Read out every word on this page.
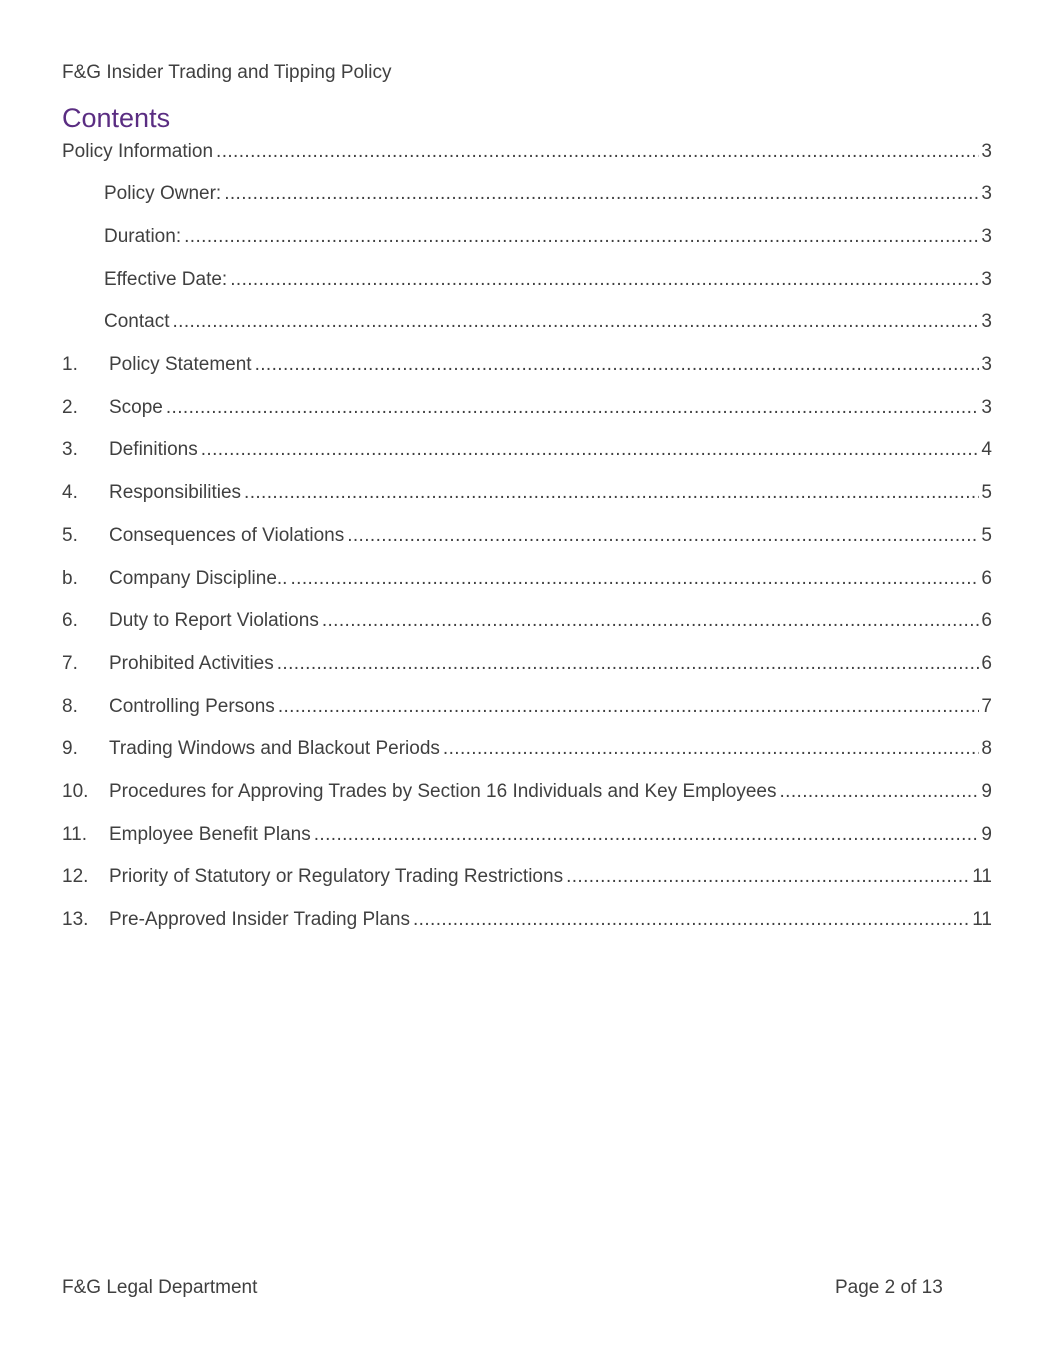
F&G Insider Trading and Tipping Policy
Contents
Policy Information .....	3
Policy Owner: .....	3
Duration: .....	3
Effective Date: .....	3
Contact .....	3
1.	Policy Statement .....	3
2.	Scope .....	3
3.	Definitions .....	4
4.	Responsibilities .....	5
5.	Consequences of Violations .....	5
b.	Company Discipline.. .....	6
6.	Duty to Report Violations .....	6
7.	Prohibited Activities .....	6
8.	Controlling Persons .....	7
9.	Trading Windows and Blackout Periods .....	8
10.	Procedures for Approving Trades by Section 16 Individuals and Key Employees .....	9
11.	Employee Benefit Plans .....	9
12.	Priority of Statutory or Regulatory Trading Restrictions .....	11
13.	Pre-Approved Insider Trading Plans .....	11
F&G Legal Department	Page 2 of 13
